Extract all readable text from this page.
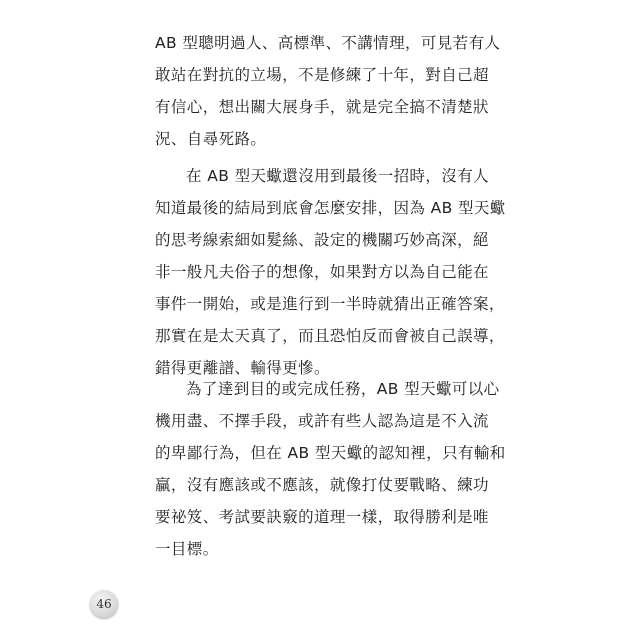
AB 型聰明過人、高標準、不講情理，可見若有人
敢站在對抗的立場，不是修練了十年，對自己超
有信心，想出關大展身手，就是完全搞不清楚狀
況、自尋死路。
在 AB 型天蠍還沒用到最後一招時，沒有人
知道最後的結局到底會怎麼安排，因為 AB 型天蠍
的思考線索細如髮絲、設定的機關巧妙高深，絕
非一般凡夫俗子的想像，如果對方以為自己能在
事件一開始，或是進行到一半時就猜出正確答案，
那實在是太天真了，而且恐怕反而會被自己誤導，
錯得更離譜、輸得更慘。
為了達到目的或完成任務，AB 型天蠍可以心
機用盡、不擇手段，或許有些人認為這是不入流
的卑鄙行為，但在 AB 型天蠍的認知裡，只有輸和
贏，沒有應該或不應該，就像打仗要戰略、練功
要祕笈、考試要訣竅的道理一樣，取得勝利是唯
一目標。
46
